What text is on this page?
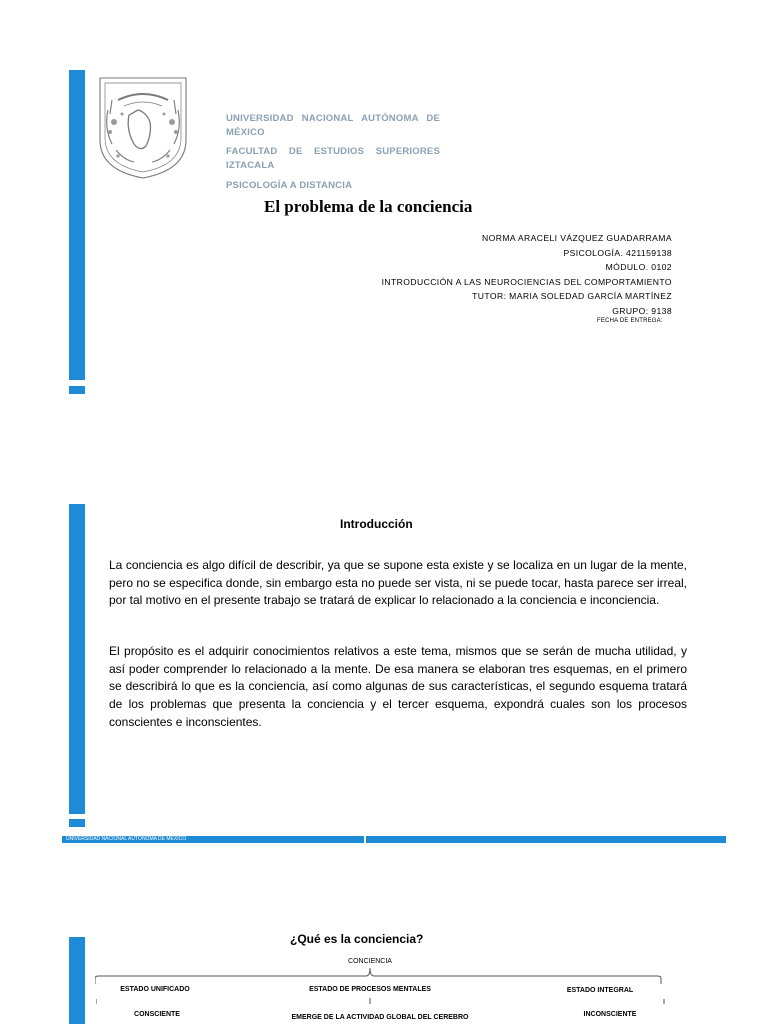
UNIVERSIDAD NACIONAL AUTÓNOMA DE MÉXICO
FACULTAD DE ESTUDIOS SUPERIORES IZTACALA
PSICOLOGÍA A DISTANCIA
El problema de la conciencia
NORMA ARACELI VÁZQUEZ GUADARRAMA
PSICOLOGÍA. 421159138
MÓDULO. 0102
INTRODUCCIÓN A LAS NEUROCIENCIAS DEL COMPORTAMIENTO
TUTOR: MARIA SOLEDAD GARCÍA MARTÍNEZ
GRUPO: 9138
FECHA DE ENTREGA:
Introducción

La conciencia es algo difícil de describir, ya que se supone esta existe y se localiza en un lugar de la mente, pero no se especifica donde, sin embargo esta no puede ser vista, ni se puede tocar, hasta parece ser irreal, por tal motivo en el presente trabajo se tratará de explicar lo relacionado a la conciencia e inconciencia.

El propósito es el adquirir conocimientos relativos a este tema, mismos que se serán de mucha utilidad, y así poder comprender lo relacionado a la mente. De esa manera se elaboran tres esquemas, en el primero se describirá lo que es la conciencia, así como algunas de sus características, el segundo esquema tratará de los problemas que presenta la conciencia y el tercer esquema, expondrá cuales son los procesos conscientes e inconscientes.

UNIVERSIDAD NACIONAL AUTÓNOMA DE MÉXICO
¿Qué es la conciencia?
CONCIENCIA
ESTADO UNIFICADO	ESTADO DE PROCESOS MENTALES	ESTADO INTEGRAL
CONSCIENTE	EMERGE DE LA ACTIVIDAD GLOBAL DEL CEREBRO	INCONSCIENTE
